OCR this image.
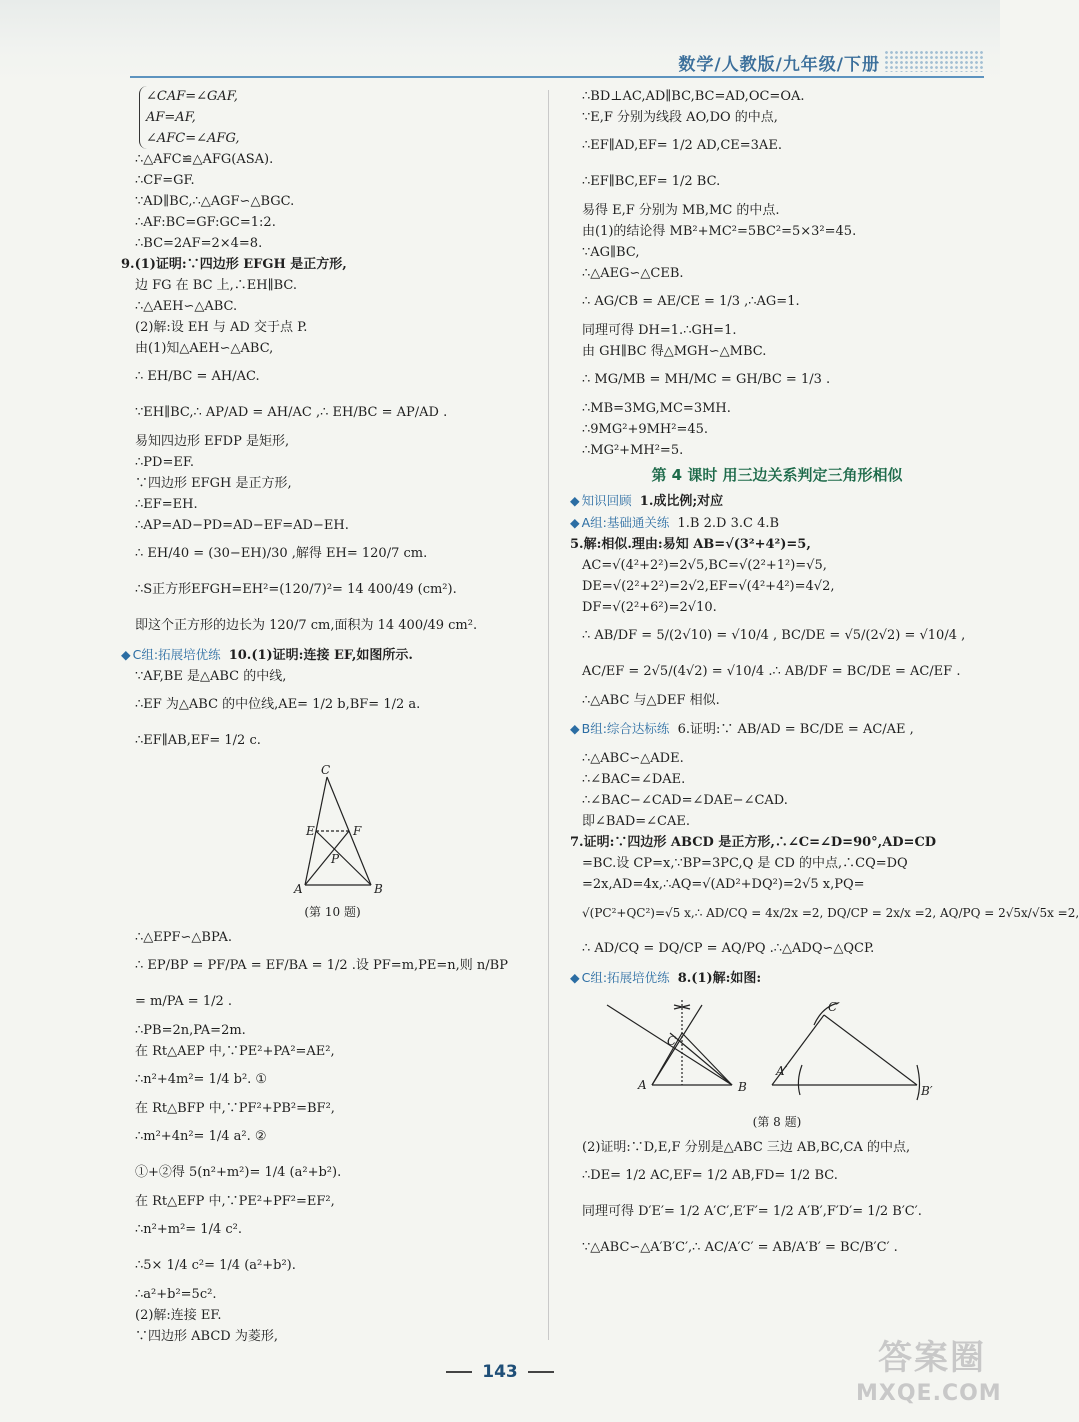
数学/人教版/九年级/下册
∠CAF=∠GAF,
AF=AF,
∠AFC=∠AFG,
∴△AFC≌△AFG(ASA).
∴CF=GF.
∵AD∥BC,∴△AGF∽△BGC.
∴AF:BC=GF:GC=1:2.
∴BC=2AF=2×4=8.
9.(1)证明:∵四边形 EFGH 是正方形,
边 FG 在 BC 上,∴EH∥BC.
∴△AEH∽△ABC.
(2)解:设 EH 与 AD 交于点 P.
由(1)知△AEH∽△ABC,
∴ EH/BC = AH/AC.
∵EH∥BC,∴ AP/AD = AH/AC ,∴ EH/BC = AP/AD .
易知四边形 EFDP 是矩形,
∴PD=EF.
∵四边形 EFGH 是正方形,
∴EF=EH.
∴AP=AD−PD=AD−EF=AD−EH.
∴ EH/40 = (30−EH)/30 ,解得 EH= 120/7 cm.
∴S正方形EFGH=EH²=(120/7)²= 14 400/49 (cm²).
即这个正方形的边长为 120/7 cm,面积为 14 400/49 cm².
◆ C组:拓展培优练 10.(1)证明:连接 EF,如图所示.
∵AF,BE 是△ABC 的中线,
∴EF 为△ABC 的中位线,AE= 1/2 b,BF= 1/2 a.
∴EF∥AB,EF= 1/2 c.
C
E	F
P
A	B
(第 10 题)
∴△EPF∽△BPA.
∴ EP/BP = PF/PA = EF/BA = 1/2 .设 PF=m,PE=n,则 n/BP
= m/PA = 1/2 .
∴PB=2n,PA=2m.
在 Rt△AEP 中,∵PE²+PA²=AE²,
∴n²+4m²= 1/4 b². ①
在 Rt△BFP 中,∵PF²+PB²=BF²,
∴m²+4n²= 1/4 a². ②
①+②得 5(n²+m²)= 1/4 (a²+b²).
在 Rt△EFP 中,∵PE²+PF²=EF²,
∴n²+m²= 1/4 c².
∴5× 1/4 c²= 1/4 (a²+b²).
∴a²+b²=5c².
(2)解:连接 EF.
∵四边形 ABCD 为菱形,
∴BD⊥AC,AD∥BC,BC=AD,OC=OA.
∵E,F 分别为线段 AO,DO 的中点,
∴EF∥AD,EF= 1/2 AD,CE=3AE.
∴EF∥BC,EF= 1/2 BC.
易得 E,F 分别为 MB,MC 的中点.
由(1)的结论得 MB²+MC²=5BC²=5×3²=45.
∵AG∥BC,
∴△AEG∽△CEB.
∴ AG/CB = AE/CE = 1/3 ,∴AG=1.
同理可得 DH=1.∴GH=1.
由 GH∥BC 得△MGH∽△MBC.
∴ MG/MB = MH/MC = GH/BC = 1/3 .
∴MB=3MG,MC=3MH.
∴9MG²+9MH²=45.
∴MG²+MH²=5.
第 4 课时 用三边关系判定三角形相似
◆ 知识回顾 1.成比例;对应
◆ A组:基础通关练 1.B 2.D 3.C 4.B
5.解:相似.理由:易知 AB=√(3²+4²)=5,
AC=√(4²+2²)=2√5,BC=√(2²+1²)=√5,
DE=√(2²+2²)=2√2,EF=√(4²+4²)=4√2,
DF=√(2²+6²)=2√10.
∴ AB/DF = 5/(2√10) = √10/4 , BC/DE = √5/(2√2) = √10/4 ,
AC/EF = 2√5/(4√2) = √10/4 .∴ AB/DF = BC/DE = AC/EF .
∴△ABC 与△DEF 相似.
◆ B组:综合达标练 6.证明:∵ AB/AD = BC/DE = AC/AE ,
∴△ABC∽△ADE.
∴∠BAC=∠DAE.
∴∠BAC−∠CAD=∠DAE−∠CAD.
即∠BAD=∠CAE.
7.证明:∵四边形 ABCD 是正方形,∴∠C=∠D=90°,AD=CD
=BC.设 CP=x,∵BP=3PC,Q 是 CD 的中点,∴CQ=DQ
=2x,AD=4x,∴AQ=√(AD²+DQ²)=2√5 x,PQ=
√(PC²+QC²)=√5 x,∴ AD/CQ = 4x/2x =2, DQ/CP = 2x/x =2, AQ/PQ = 2√5x/√5x =2,
∴ AD/CQ = DQ/CP = AQ/PQ .∴△ADQ∽△QCP.
◆ C组:拓展培优练 8.(1)解:如图:
A	B
C
A′
B′
C′
(第 8 题)
(2)证明:∵D,E,F 分别是△ABC 三边 AB,BC,CA 的中点,
∴DE= 1/2 AC,EF= 1/2 AB,FD= 1/2 BC.
同理可得 D′E′= 1/2 A′C′,E′F′= 1/2 A′B′,F′D′= 1/2 B′C′.
∵△ABC∽△A′B′C′,∴ AC/A′C′ = AB/A′B′ = BC/B′C′ .
143	答案圈
MXQE.COM
